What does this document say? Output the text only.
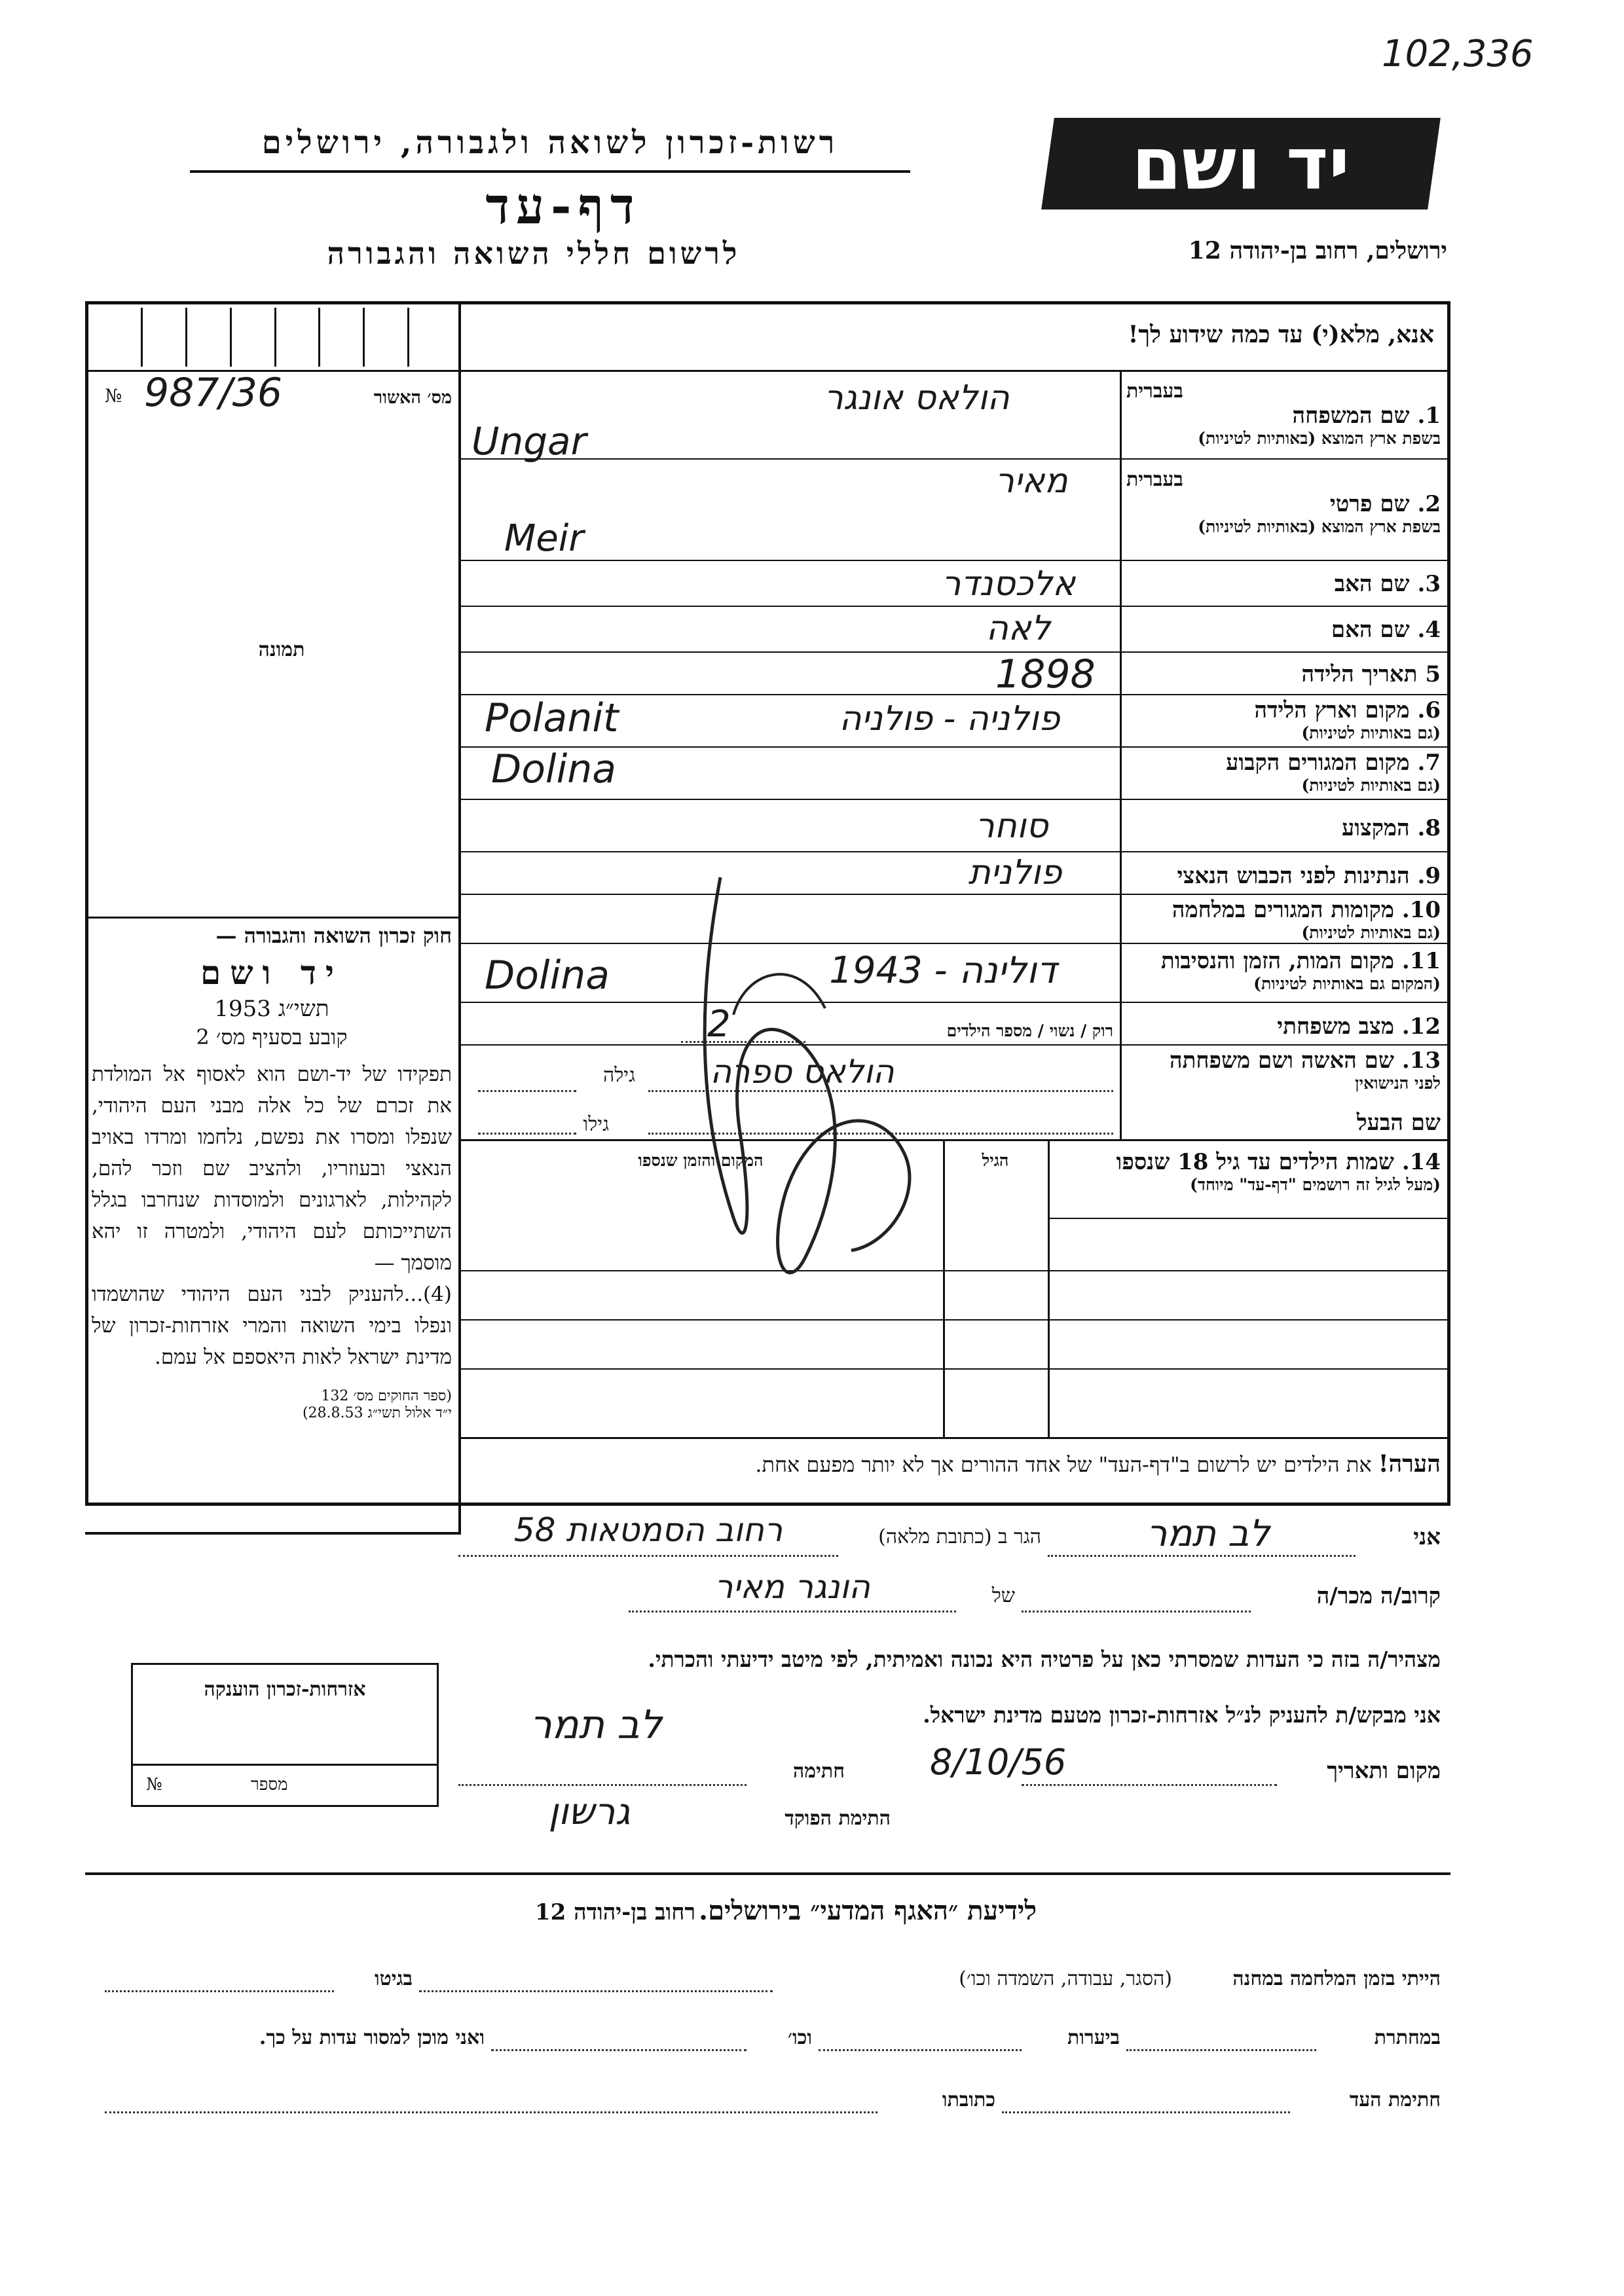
102,336
יד ושם
רשות-זכרון לשואה ולגבורה, ירושלים
דף-עד
לרשום חללי השואה והגבורה	ירושלים, רחוב בן-יהודה 12
אנא, מלא(י) עד כמה שידוע לך!
№ 987/36	מס׳ האשור
תמונה
חוק זכרון השואה והגבורה —
יד ושם
תשי״ג 1953
קובע בסעיף מס׳ 2
תפקידו של יד-ושם הוא לאסוף אל המולדת את זכרם של כל אלה מבני העם היהודי, שנפלו ומסרו את נפשם, נלחמו ומרדו באויב הנאצי ובעוזריו, ולהציב שם וזכר להם, לקהילות, לארגונים ולמוסדות שנחרבו בגלל השתייכותם לעם היהודי, ולמטרה זו יהא מוסמך —
(4)...להעניק לבני העם היהודי שהושמדו ונפלו בימי השואה והמרי אזרחות-זכרון של מדינת ישראל לאות היאספם אל עמם.
(ספר החוקים מס׳ 132
י״ד אלול תשי״ג 28.8.53)
בעברית
1. שם המשפחה
בשפת ארץ המוצא (באותיות לטיניות)
הולאס אונגר
Ungar
בעברית
2. שם פרטי
בשפת ארץ המוצא (באותיות לטיניות)
מאיר
Meir
3. שם האב
אלכסנדר
4. שם האם
לאה
5 תאריך הלידה
1898
6. מקום וארץ הלידה
(גם באותיות לטיניות)
פולניה - פולניה
Polanit
7. מקום המגורים הקבוע
(גם באותיות לטיניות)
Dolina
8. המקצוע
סוחר
9. הנתינות לפני הכבוש הנאצי
פולנית
10. מקומות המגורים במלחמה
(גם באותיות לטיניות)
11. מקום המות, הזמן והנסיבות
(המקום גם באותיות לטיניות)
דולינה - 1943
Dolina
12. מצב משפחתי
רוק / נשוי / מספר הילדים
2
13. שם האשה ושם משפחתה
לפני הנישואין
הולאס ספרה
גילה
שם הבעל
גילו
14. שמות הילדים עד גיל 18 שנספו
(מעל לגיל זה רושמים "דף-עד" מיוחד)
הגיל
המקום והזמן שנספו
הערה! את הילדים יש לרשום ב"דף-העד" של אחד ההורים אך לא יותר מפעם אחת.
אני
לב תמר
הגר ב (כתובת מלאה)
רחוב הסמטאות 58
קרוב/ה מכר/ה
של
הונגר מאיר
מצהיר/ה בזה כי העדות שמסרתי כאן על פרטיה היא נכונה ואמיתית, לפי מיטב ידיעתי והכרתי.
אני מבקש/ת להעניק לנ״ל אזרחות-זכרון מטעם מדינת ישראל.
מקום ותאריך
8/10/56
חתימה
לב תמר
התימת הפוקד
גרשון
אזרחות-זכרון הוענקה
№	מספר
לידיעת ״האגף המדעי״ בירושלים. רחוב בן-יהודה 12
הייתי בזמן המלחמה במחנה
(הסגר, עבודה, השמדה וכו׳)
בגיטו
במחתרת
ביערות
וכו׳
ואני מוכן למסור עדות על כך.
חתימת העד
כתובתו
